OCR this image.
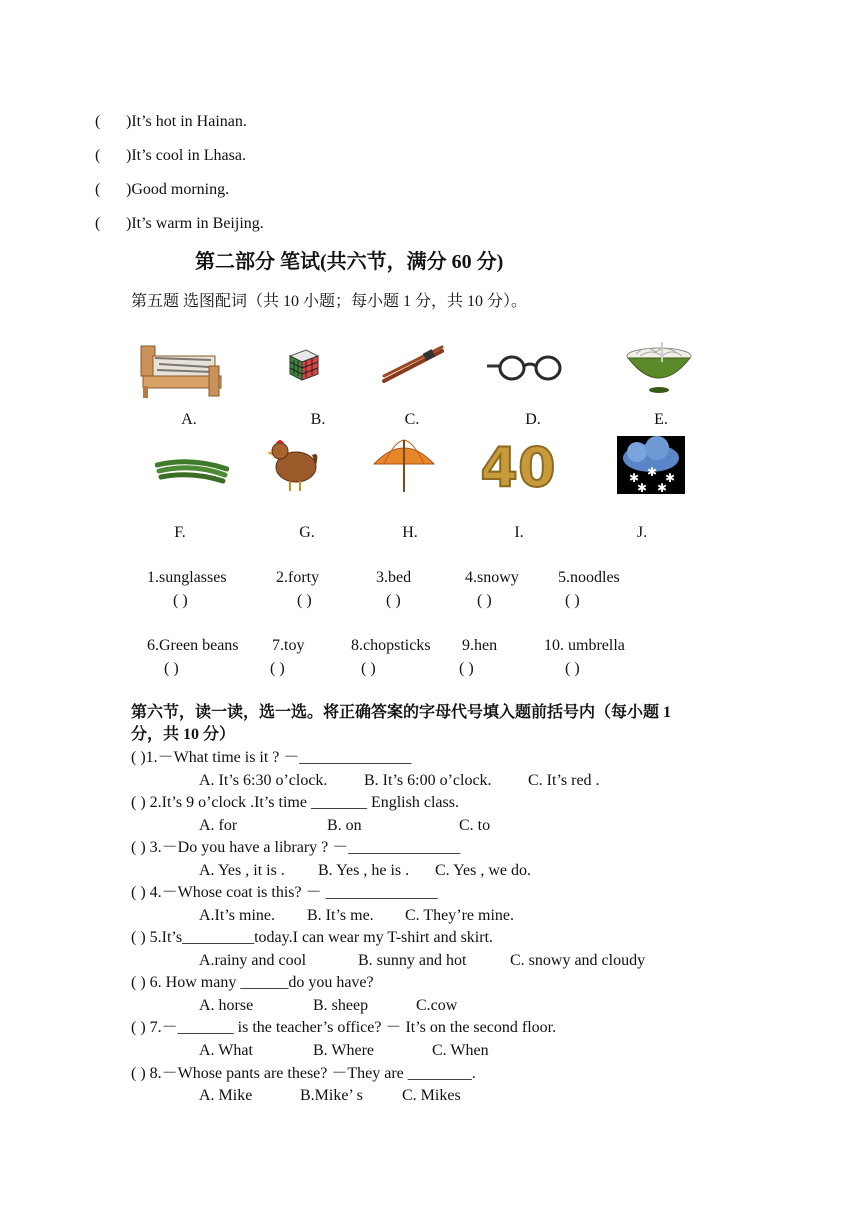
( )It’s hot in Hainan.
( )It’s cool in Lhasa.
( )Good morning.
( )It’s warm in Beijing.
第二部分 笔试(共六节，满分 60 分)
第五题 选图配词（共 10 小题；每小题 1 分，共 10 分）。
A.	B.	C.	D.	E.
40	✱ ✱ ✱
✱ ✱
F.	G.	H.	I.	J.
1.sunglasses	2.forty	3.bed	4.snowy 5.noodles
( )	( )	( )	( )	( )
6.Green beans 7.toy	8.chopsticks 9.hen	10. umbrella
( )	( )	( )	( )	( )
第六节，读一读，选一选。将正确答案的字母代号填入题前括号内（每小题 1
分，共 10 分）
( )1.－What time is it ? －______________
A. It’s 6:30 o’clock. B. It’s 6:00 o’clock. C. It’s red .
( ) 2.It’s 9 o’clock .It’s time _______ English class.
A. for	B. on	C. to
( ) 3.－Do you have a library ? －______________
A. Yes , it is . B. Yes , he is . C. Yes , we do.
( ) 4.－Whose coat is this? － ______________
A.It’s mine. B. It’s me. C. They’re mine.
( ) 5.It’s_________today.I can wear my T-shirt and skirt.
A.rainy and cool	B. sunny and hot	C. snowy and cloudy
( ) 6. How many ______do you have?
A. horse	B. sheep	C.cow
( ) 7.－_______ is the teacher’s office? － It’s on the second floor.
A. What	B. Where	C. When
( ) 8.－Whose pants are these? －They are ________.
A. Mike	B.Mike’ s C. Mikes
